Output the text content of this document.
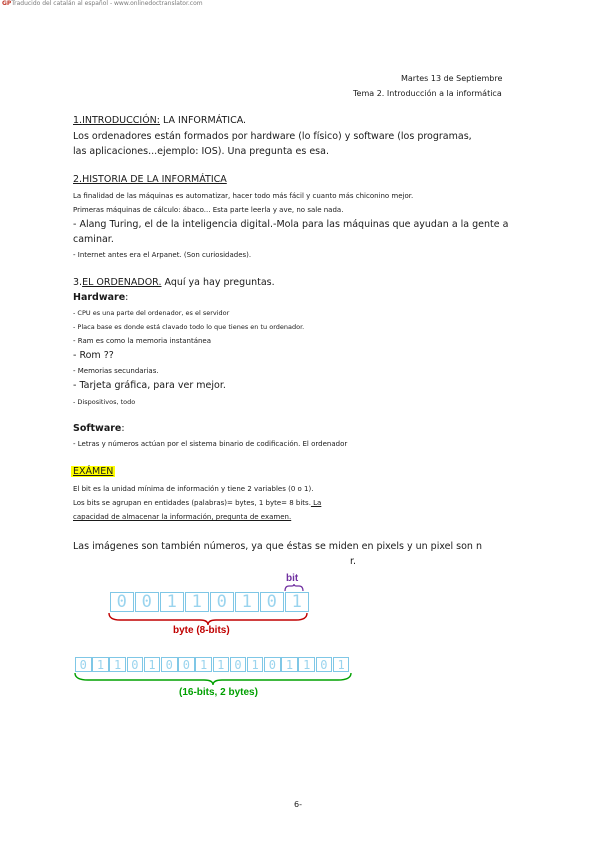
GPTraducido del catalán al español - www.onlinedoctranslator.com
Martes 13 de Septiembre
Tema 2. Introducción a la informática
1.INTRODUCCIÓN: LA INFORMÁTICA.
Los ordenadores están formados por hardware (lo físico) y software (los programas,
las aplicaciones...ejemplo: IOS). Una pregunta es esa.
2.HISTORIA DE LA INFORMÁTICA
La finalidad de las máquinas es automatizar, hacer todo más fácil y cuanto más chiconino mejor.
Primeras máquinas de cálculo: ábaco... Esta parte leerla y ave, no sale nada.
- Alang Turing, el de la inteligencia digital.-Mola para las máquinas que ayudan a la gente a
caminar.
- Internet antes era el Arpanet. (Son curiosidades).
3.EL ORDENADOR. Aquí ya hay preguntas.
Hardware:
- CPU es una parte del ordenador, es el servidor
- Placa base es donde está clavado todo lo que tienes en tu ordenador.
- Ram es como la memoria instantánea
- Rom ??
- Memorias secundarias.
- Tarjeta gráfica, para ver mejor.
- Dispositivos, todo
Software:
- Letras y números actúan por el sistema binario de codificación. El ordenador
EXÁMEN
El bit es la unidad mínima de información y tiene 2 variables (0 o 1).
Los bits se agrupan en entidades (palabras)= bytes, 1 byte= 8 bits. La
capacidad de almacenar la información, pregunta de examen.
Las imágenes son también números, ya que éstas se miden en pixels y un pixel son n
r.
bit
0 0 1 1 0 1 0 1
byte (8-bits)
0 1 1 0 1 0 0 1 1 0 1 0 1 1 0 1
(16-bits, 2 bytes)
6-
